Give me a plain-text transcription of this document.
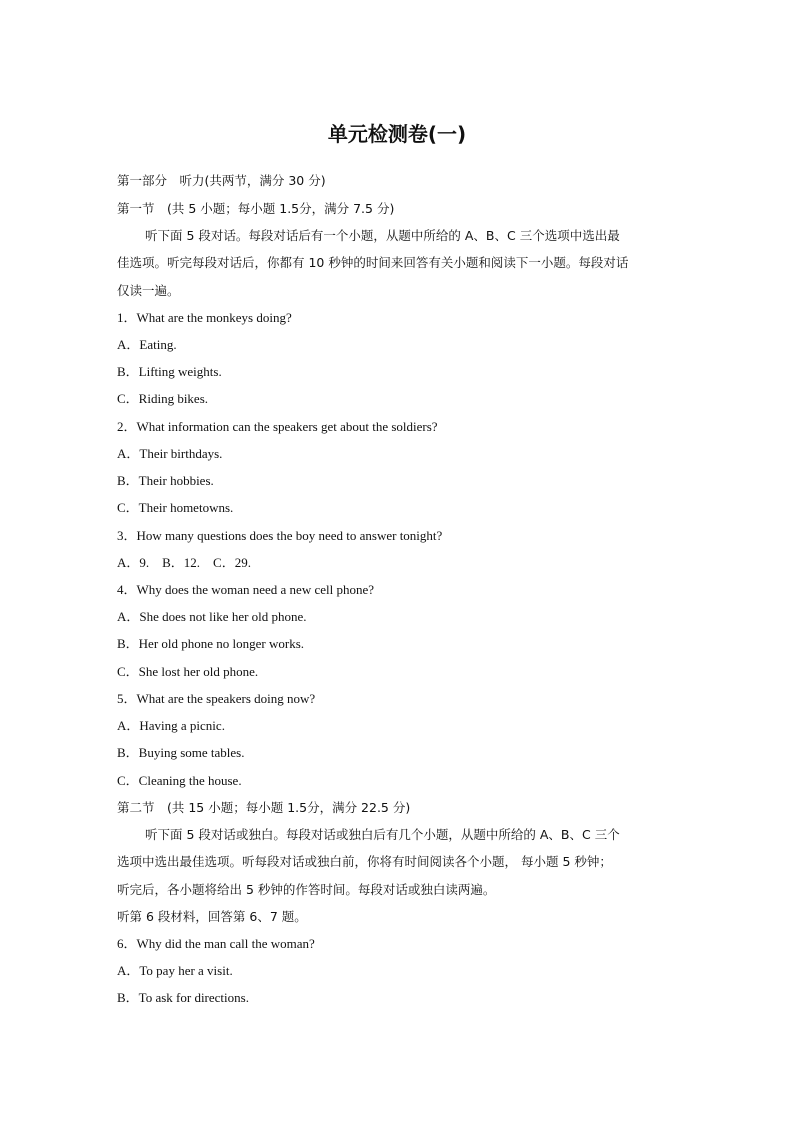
单元检测卷(一)
第一部分　听力(共两节，满分 30 分)
第一节　(共 5 小题；每小题 1.5分，满分 7.5 分)
听下面 5 段对话。每段对话后有一个小题，从题中所给的 A、B、C 三个选项中选出最
佳选项。听完每段对话后，你都有 10 秒钟的时间来回答有关小题和阅读下一小题。每段对话
仅读一遍。
1．What are the monkeys doing?
A．Eating.
B．Lifting weights.
C．Riding bikes.
2．What information can the speakers get about the soldiers?
A．Their birthdays.
B．Their hobbies.
C．Their hometowns.
3．How many questions does the boy need to answer tonight?
A．9.　B．12.　C．29.
4．Why does the woman need a new cell phone?
A．She does not like her old phone.
B．Her old phone no longer works.
C．She lost her old phone.
5．What are the speakers doing now?
A．Having a picnic.
B．Buying some tables.
C．Cleaning the house.
第二节　(共 15 小题；每小题 1.5分，满分 22.5 分)
听下面 5 段对话或独白。每段对话或独白后有几个小题，从题中所给的 A、B、C 三个
选项中选出最佳选项。听每段对话或独白前，你将有时间阅读各个小题， 每小题 5 秒钟；
听完后，各小题将给出 5 秒钟的作答时间。每段对话或独白读两遍。
听第 6 段材料，回答第 6、7 题。
6．Why did the man call the woman?
A．To pay her a visit.
B．To ask for directions.
